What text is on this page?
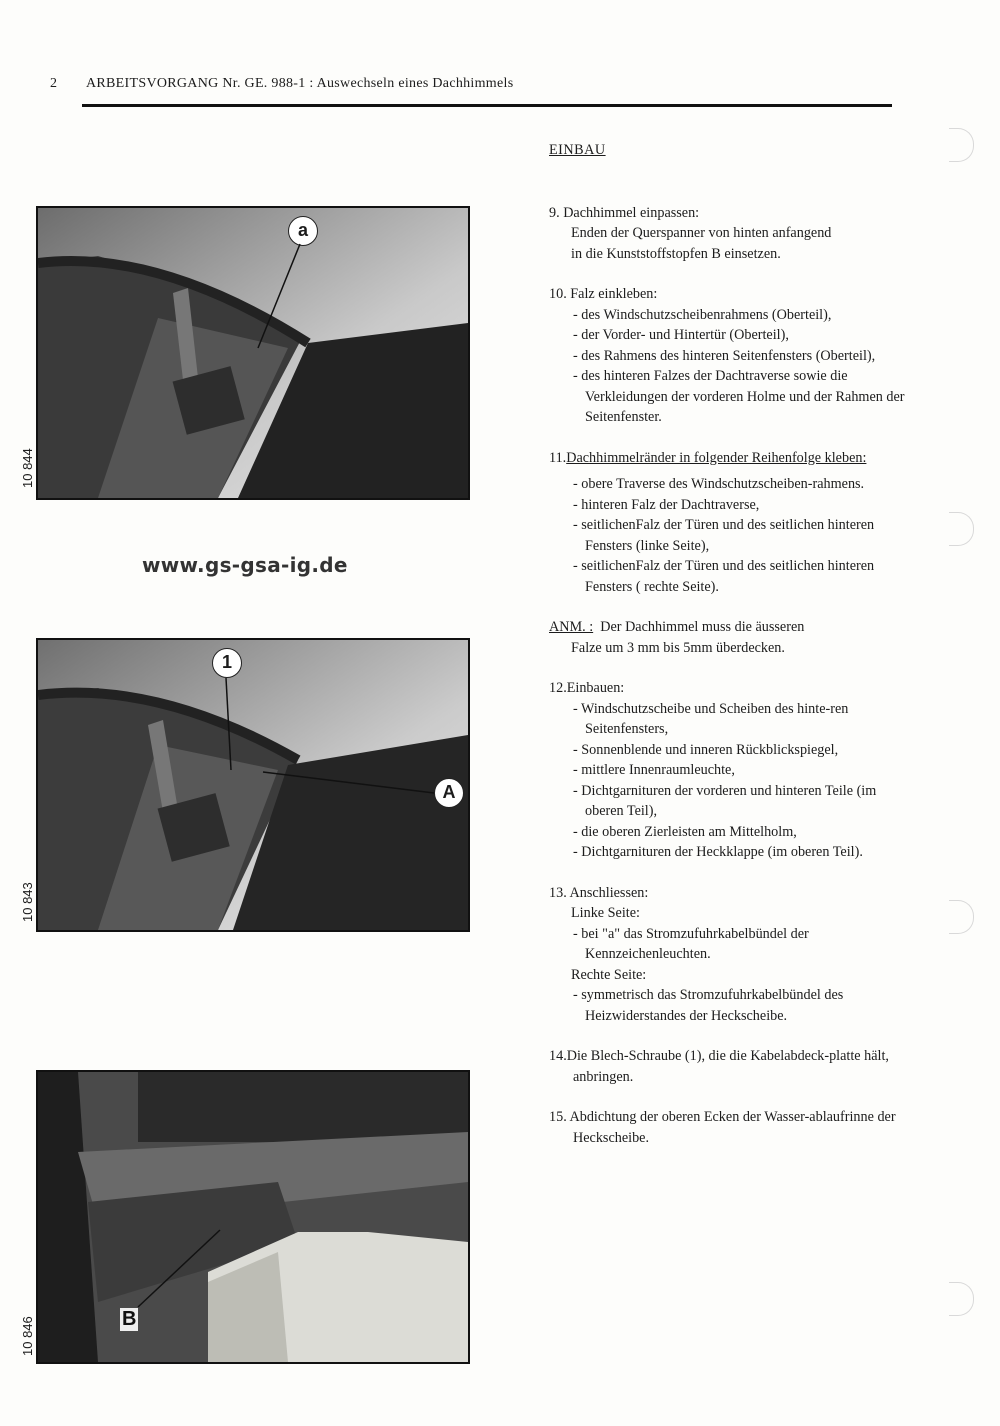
2 ARBEITSVORGANG Nr. GE. 988-1 : Auswechseln eines Dachhimmels
a
10 844
www.gs-gsa-ig.de
1
A
10 843
B
10 846
EINBAU
9. Dachhimmel einpassen:
Enden der Querspanner von hinten anfangend
in die Kunststoffstopfen B einsetzen.
10. Falz einkleben:
- des Windschutzscheibenrahmens (Oberteil),
- der Vorder- und Hintertür (Oberteil),
- des Rahmens des hinteren Seitenfensters (Oberteil),
- des hinteren Falzes der Dachtraverse sowie die Verkleidungen der vorderen Holme und der Rahmen der Seitenfenster.
11.Dachhimmelränder in folgender Reihenfolge kleben:
- obere Traverse des Windschutzscheiben-rahmens.
- hinteren Falz der Dachtraverse,
- seitlichenFalz der Türen und des seitlichen hinteren Fensters (linke Seite),
- seitlichenFalz der Türen und des seitlichen hinteren Fensters ( rechte Seite).
ANM. : Der Dachhimmel muss die äusseren
Falze um 3 mm bis 5mm überdecken.
12.Einbauen:
- Windschutzscheibe und Scheiben des hinte-ren Seitenfensters,
- Sonnenblende und inneren Rückblickspiegel,
- mittlere Innenraumleuchte,
- Dichtgarnituren der vorderen und hinteren Teile (im oberen Teil),
- die oberen Zierleisten am Mittelholm,
- Dichtgarnituren der Heckklappe (im oberen Teil).
13. Anschliessen:
Linke Seite:
- bei "a" das Stromzufuhrkabelbündel der Kennzeichenleuchten.
Rechte Seite:
- symmetrisch das Stromzufuhrkabelbündel des Heizwiderstandes der Heckscheibe.
14.Die Blech-Schraube (1), die die Kabelabdeck-platte hält, anbringen.
15. Abdichtung der oberen Ecken der Wasser-ablaufrinne der Heckscheibe.
